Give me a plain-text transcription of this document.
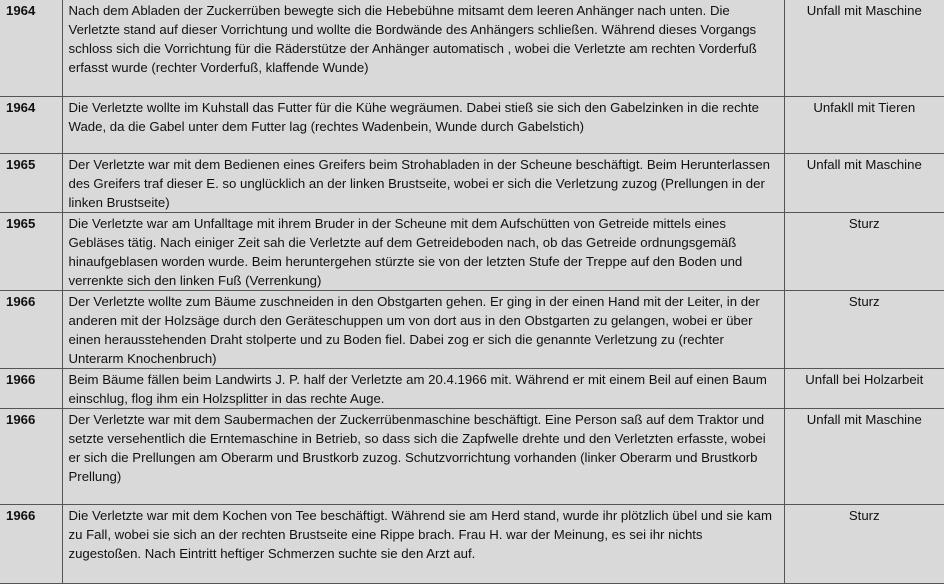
1964	Nach dem Abladen der Zuckerrüben bewegte sich die Hebebühne mitsamt dem leeren Anhänger nach unten. Die Verletzte stand auf dieser Vorrichtung und wollte die Bordwände des Anhängers schließen. Während dieses Vorgangs schloss sich die Vorrichtung für die Räderstütze der Anhänger automatisch , wobei die Verletzte am rechten Vorderfuß erfasst wurde (rechter Vorderfuß, klaffende Wunde)	Unfall mit Maschine
1964	Die Verletzte wollte im Kuhstall das Futter für die Kühe wegräumen. Dabei stieß sie sich den Gabelzinken in die rechte Wade, da die Gabel unter dem Futter lag (rechtes Wadenbein, Wunde durch Gabelstich)	Unfakll mit Tieren
1965	Der Verletzte war mit dem Bedienen eines Greifers beim Strohabladen in der Scheune beschäftigt. Beim Herunterlassen des Greifers traf dieser E. so unglücklich an der linken Brustseite, wobei er sich die Verletzung zuzog (Prellungen in der linken Brustseite)	Unfall mit Maschine
1965	Die Verletzte war am Unfalltage mit ihrem Bruder in der Scheune mit dem Aufschütten von Getreide mittels eines Gebläses tätig. Nach einiger Zeit sah die Verletzte auf dem Getreideboden nach, ob das Getreide ordnungsgemäß hinaufgeblasen worden wurde. Beim heruntergehen stürzte sie von der letzten Stufe der Treppe auf den Boden und verrenkte sich den linken Fuß (Verrenkung)	Sturz
1966	Der Verletzte wollte zum Bäume zuschneiden in den Obstgarten gehen. Er ging in der einen Hand mit der Leiter, in der anderen mit der Holzsäge durch den Geräteschuppen um von dort aus in den Obstgarten zu gelangen, wobei er über einen herausstehenden Draht stolperte und zu Boden fiel. Dabei zog er sich die genannte Verletzung zu (rechter Unterarm Knochenbruch)	Sturz
1966	Beim Bäume fällen beim Landwirts J. P. half der Verletzte am 20.4.1966 mit. Während er mit einem Beil auf einen Baum einschlug, flog ihm ein Holzsplitter in das rechte Auge.	Unfall bei Holzarbeit
1966	Der Verletzte war mit dem Saubermachen der Zuckerrübenmaschine beschäftigt. Eine Person saß auf dem Traktor und setzte versehentlich die Erntemaschine in Betrieb, so dass sich die Zapfwelle drehte und den Verletzten erfasste, wobei er sich die Prellungen am Oberarm und Brustkorb zuzog. Schutzvorrichtung vorhanden (linker Oberarm und Brustkorb Prellung)	Unfall mit Maschine
1966	Die Verletzte war mit dem Kochen von Tee beschäftigt. Während sie am Herd stand, wurde ihr plötzlich übel und sie kam zu Fall, wobei sie sich an der rechten Brustseite eine Rippe brach. Frau H. war der Meinung, es sei ihr nichts zugestoßen. Nach Eintritt heftiger Schmerzen suchte sie den Arzt auf.	Sturz
